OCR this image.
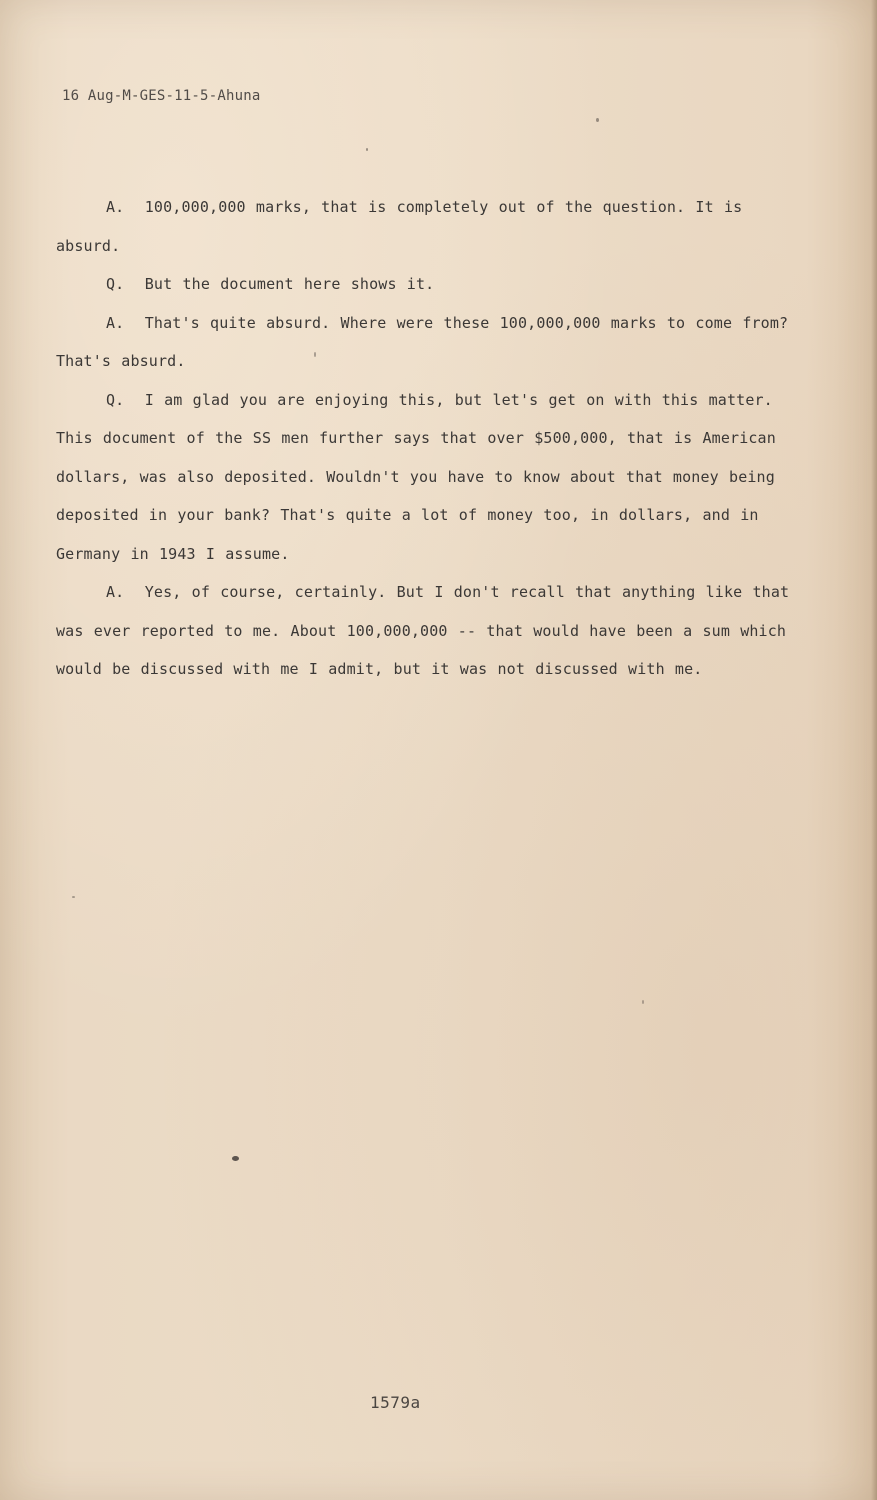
16 Aug-M-GES-11-5-Ahuna

A. 100,000,000 marks, that is completely out of the question. It is absurd.

Q. But the document here shows it.

A. That's quite absurd. Where were these 100,000,000 marks to come from? That's absurd.

Q. I am glad you are enjoying this, but let's get on with this matter. This document of the SS men further says that over $500,000, that is American dollars, was also deposited. Wouldn't you have to know about that money being deposited in your bank? That's quite a lot of money too, in dollars, and in Germany in 1943 I assume.

A. Yes, of course, certainly. But I don't recall that anything like that was ever reported to me. About 100,000,000 -- that would have been a sum which would be discussed with me I admit, but it was not discussed with me.

1579a
